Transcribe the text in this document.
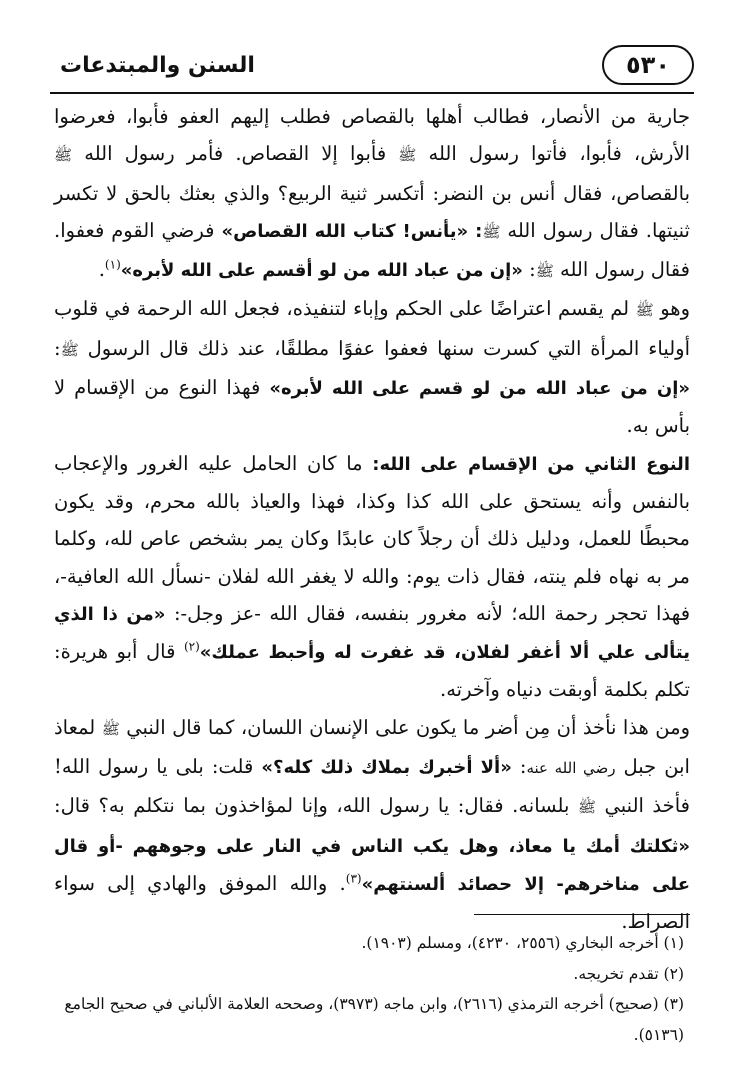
٥٣٠
السنن والمبتدعات

جارية من الأنصار، فطالب أهلها بالقصاص فطلب إليهم العفو فأبوا، فعرضوا الأرش، فأبوا، فأتوا رسول الله ﷺ فأبوا إلا القصاص. فأمر رسول الله ﷺ بالقصاص، فقال أنس بن النضر: أتكسر ثنية الربيع؟ والذي بعثك بالحق لا تكسر ثنيتها. فقال رسول الله ﷺ: «يأنس! كتاب الله القصاص» فرضي القوم فعفوا. فقال رسول الله ﷺ: «إن من عباد الله من لو أقسم على الله لأبره»$^{(١)}$.

وهو ﷺ لم يقسم اعتراضًا على الحكم وإباء لتنفيذه، فجعل الله الرحمة في قلوب أولياء المرأة التي كسرت سنها فعفوا عفوًا مطلقًا، عند ذلك قال الرسول ﷺ: «إن من عباد الله من لو قسم على الله لأبره» فهذا النوع من الإقسام لا بأس به.

النوع الثاني من الإقسام على الله: ما كان الحامل عليه الغرور والإعجاب بالنفس وأنه يستحق على الله كذا وكذا، فهذا والعياذ بالله محرم، وقد يكون محبطًا للعمل، ودليل ذلك أن رجلاً كان عابدًا وكان يمر بشخص عاص لله، وكلما مر به نهاه فلم ينته، فقال ذات يوم: والله لا يغفر الله لفلان -نسأل الله العافية-، فهذا تحجر رحمة الله؛ لأنه مغرور بنفسه، فقال الله -عز وجل-: «من ذا الذي يتألى علي ألا أغفر لفلان، قد غفرت له وأحبط عملك»$^{(٢)}$ قال أبو هريرة: تكلم بكلمة أوبقت دنياه وآخرته.

ومن هذا نأخذ أن مِن أضر ما يكون على الإنسان اللسان، كما قال النبي ﷺ لمعاذ ابن جبل رضي الله عنه: «ألا أخبرك بملاك ذلك كله؟» قلت: بلى يا رسول الله! فأخذ النبي ﷺ بلسانه. فقال: يا رسول الله، وإنا لمؤاخذون بما نتكلم به؟ قال: «ثكلتك أمك يا معاذ، وهل يكب الناس في النار على وجوههم -أو قال على مناخرهم- إلا حصائد ألسنتهم»$^{(٣)}$. والله الموفق والهادي إلى سواء الصراط.

(١) أخرجه البخاري (٢٥٥٦، ٤٢٣٠)، ومسلم (١٩٠٣).

(٢) تقدم تخريجه.

(٣) (صحيح) أخرجه الترمذي (٢٦١٦)، وابن ماجه (٣٩٧٣)، وصححه العلامة الألباني في صحيح الجامع (٥١٣٦).
